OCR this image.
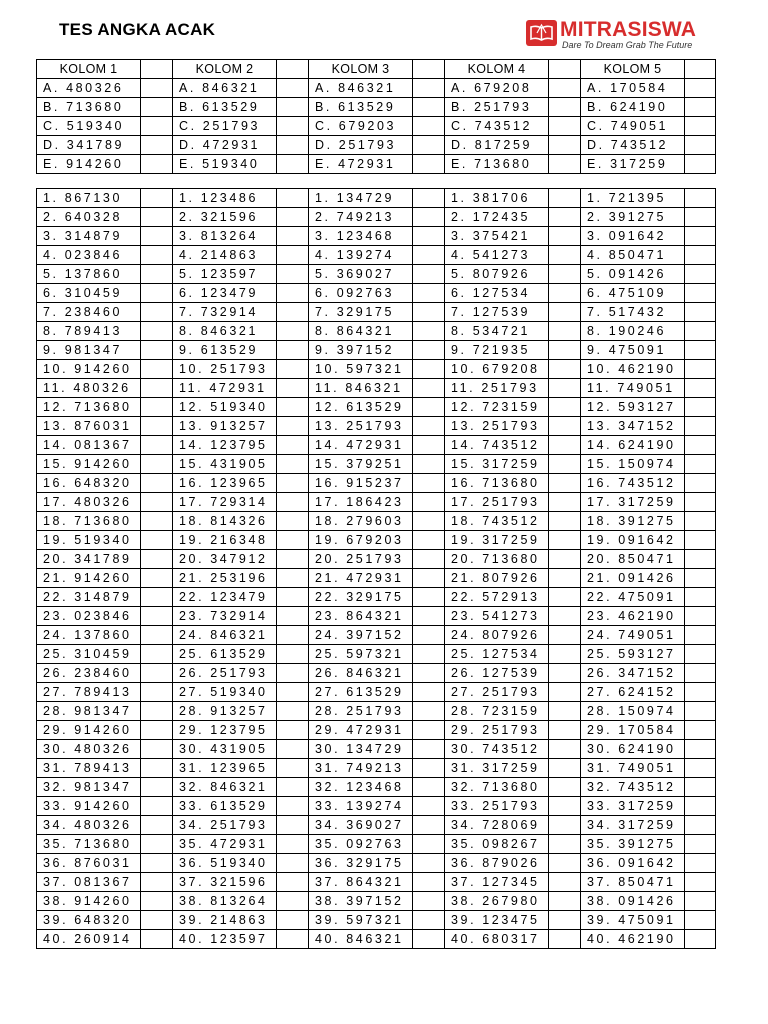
TES ANGKA ACAK	MITRASISWA
Dare To Dream Grab The Future
KOLOM 1		KOLOM 2		KOLOM 3		KOLOM 4		KOLOM 5	
A. 480326		A. 846321		A. 846321		A. 679208		A. 170584	
B. 713680		B. 613529		B. 613529		B. 251793		B. 624190	
C. 519340		C. 251793		C. 679203		C. 743512		C. 749051	
D. 341789		D. 472931		D. 251793		D. 817259		D. 743512	
E. 914260		E. 519340		E. 472931		E. 713680		E. 317259	
1. 867130		1. 123486		1. 134729		1. 381706		1. 721395	
2. 640328		2. 321596		2. 749213		2. 172435		2. 391275	
3. 314879		3. 813264		3. 123468		3. 375421		3. 091642	
4. 023846		4. 214863		4. 139274		4. 541273		4. 850471	
5. 137860		5. 123597		5. 369027		5. 807926		5. 091426	
6. 310459		6. 123479		6. 092763		6. 127534		6. 475109	
7. 238460		7. 732914		7. 329175		7. 127539		7. 517432	
8. 789413		8. 846321		8. 864321		8. 534721		8. 190246	
9. 981347		9. 613529		9. 397152		9. 721935		9. 475091	
10. 914260		10. 251793		10. 597321		10. 679208		10. 462190	
11. 480326		11. 472931		11. 846321		11. 251793		11. 749051	
12. 713680		12. 519340		12. 613529		12. 723159		12. 593127	
13. 876031		13. 913257		13. 251793		13. 251793		13. 347152	
14. 081367		14. 123795		14. 472931		14. 743512		14. 624190	
15. 914260		15. 431905		15. 379251		15. 317259		15. 150974	
16. 648320		16. 123965		16. 915237		16. 713680		16. 743512	
17. 480326		17. 729314		17. 186423		17. 251793		17. 317259	
18. 713680		18. 814326		18. 279603		18. 743512		18. 391275	
19. 519340		19. 216348		19. 679203		19. 317259		19. 091642	
20. 341789		20. 347912		20. 251793		20. 713680		20. 850471	
21. 914260		21. 253196		21. 472931		21. 807926		21. 091426	
22. 314879		22. 123479		22. 329175		22. 572913		22. 475091	
23. 023846		23. 732914		23. 864321		23. 541273		23. 462190	
24. 137860		24. 846321		24. 397152		24. 807926		24. 749051	
25. 310459		25. 613529		25. 597321		25. 127534		25. 593127	
26. 238460		26. 251793		26. 846321		26. 127539		26. 347152	
27. 789413		27. 519340		27. 613529		27. 251793		27. 624152	
28. 981347		28. 913257		28. 251793		28. 723159		28. 150974	
29. 914260		29. 123795		29. 472931		29. 251793		29. 170584	
30. 480326		30. 431905		30. 134729		30. 743512		30. 624190	
31. 789413		31. 123965		31. 749213		31. 317259		31. 749051	
32. 981347		32. 846321		32. 123468		32. 713680		32. 743512	
33. 914260		33. 613529		33. 139274		33. 251793		33. 317259	
34. 480326		34. 251793		34. 369027		34. 728069		34. 317259	
35. 713680		35. 472931		35. 092763		35. 098267		35. 391275	
36. 876031		36. 519340		36. 329175		36. 879026		36. 091642	
37. 081367		37. 321596		37. 864321		37. 127345		37. 850471	
38. 914260		38. 813264		38. 397152		38. 267980		38. 091426	
39. 648320		39. 214863		39. 597321		39. 123475		39. 475091	
40. 260914		40. 123597		40. 846321		40. 680317		40. 462190	
